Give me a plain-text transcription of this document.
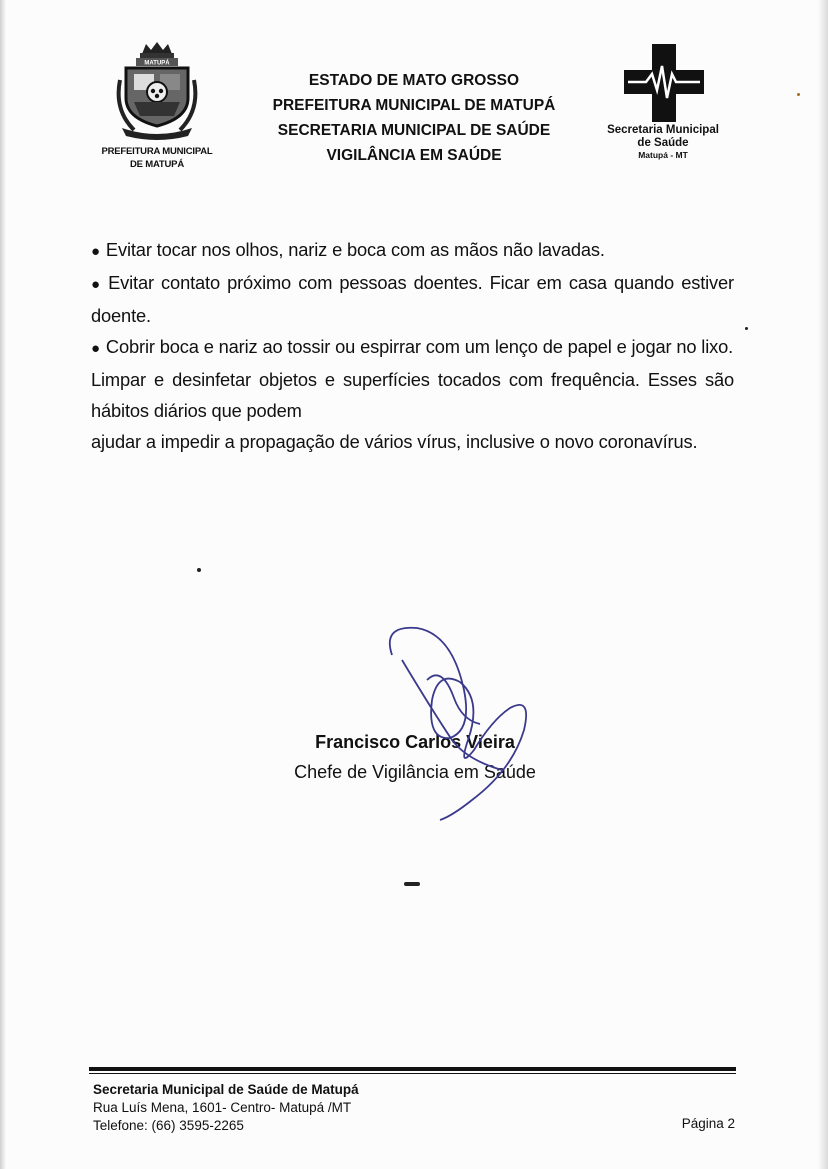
MATUPÁ
PREFEITURA MUNICIPAL
DE MATUPÁ
ESTADO DE MATO GROSSO
PREFEITURA MUNICIPAL DE MATUPÁ
SECRETARIA MUNICIPAL DE SAÚDE
VIGILÂNCIA EM SAÚDE
Secretaria Municipal
de Saúde
Matupá - MT

● Evitar tocar nos olhos, nariz e boca com as mãos não lavadas.

● Evitar contato próximo com pessoas doentes. Ficar em casa quando estiver doente.

● Cobrir boca e nariz ao tossir ou espirrar com um lenço de papel e jogar no lixo.

Limpar e desinfetar objetos e superfícies tocados com frequência. Esses são hábitos diários que podem

ajudar a impedir a propagação de vários vírus, inclusive o novo coronavírus.

Francisco Carlos Vieira
Chefe de Vigilância em Saúde
Secretaria Municipal de Saúde de Matupá
Rua Luís Mena, 1601- Centro- Matupá /MT
Telefone: (66) 3595-2265	Página 2
